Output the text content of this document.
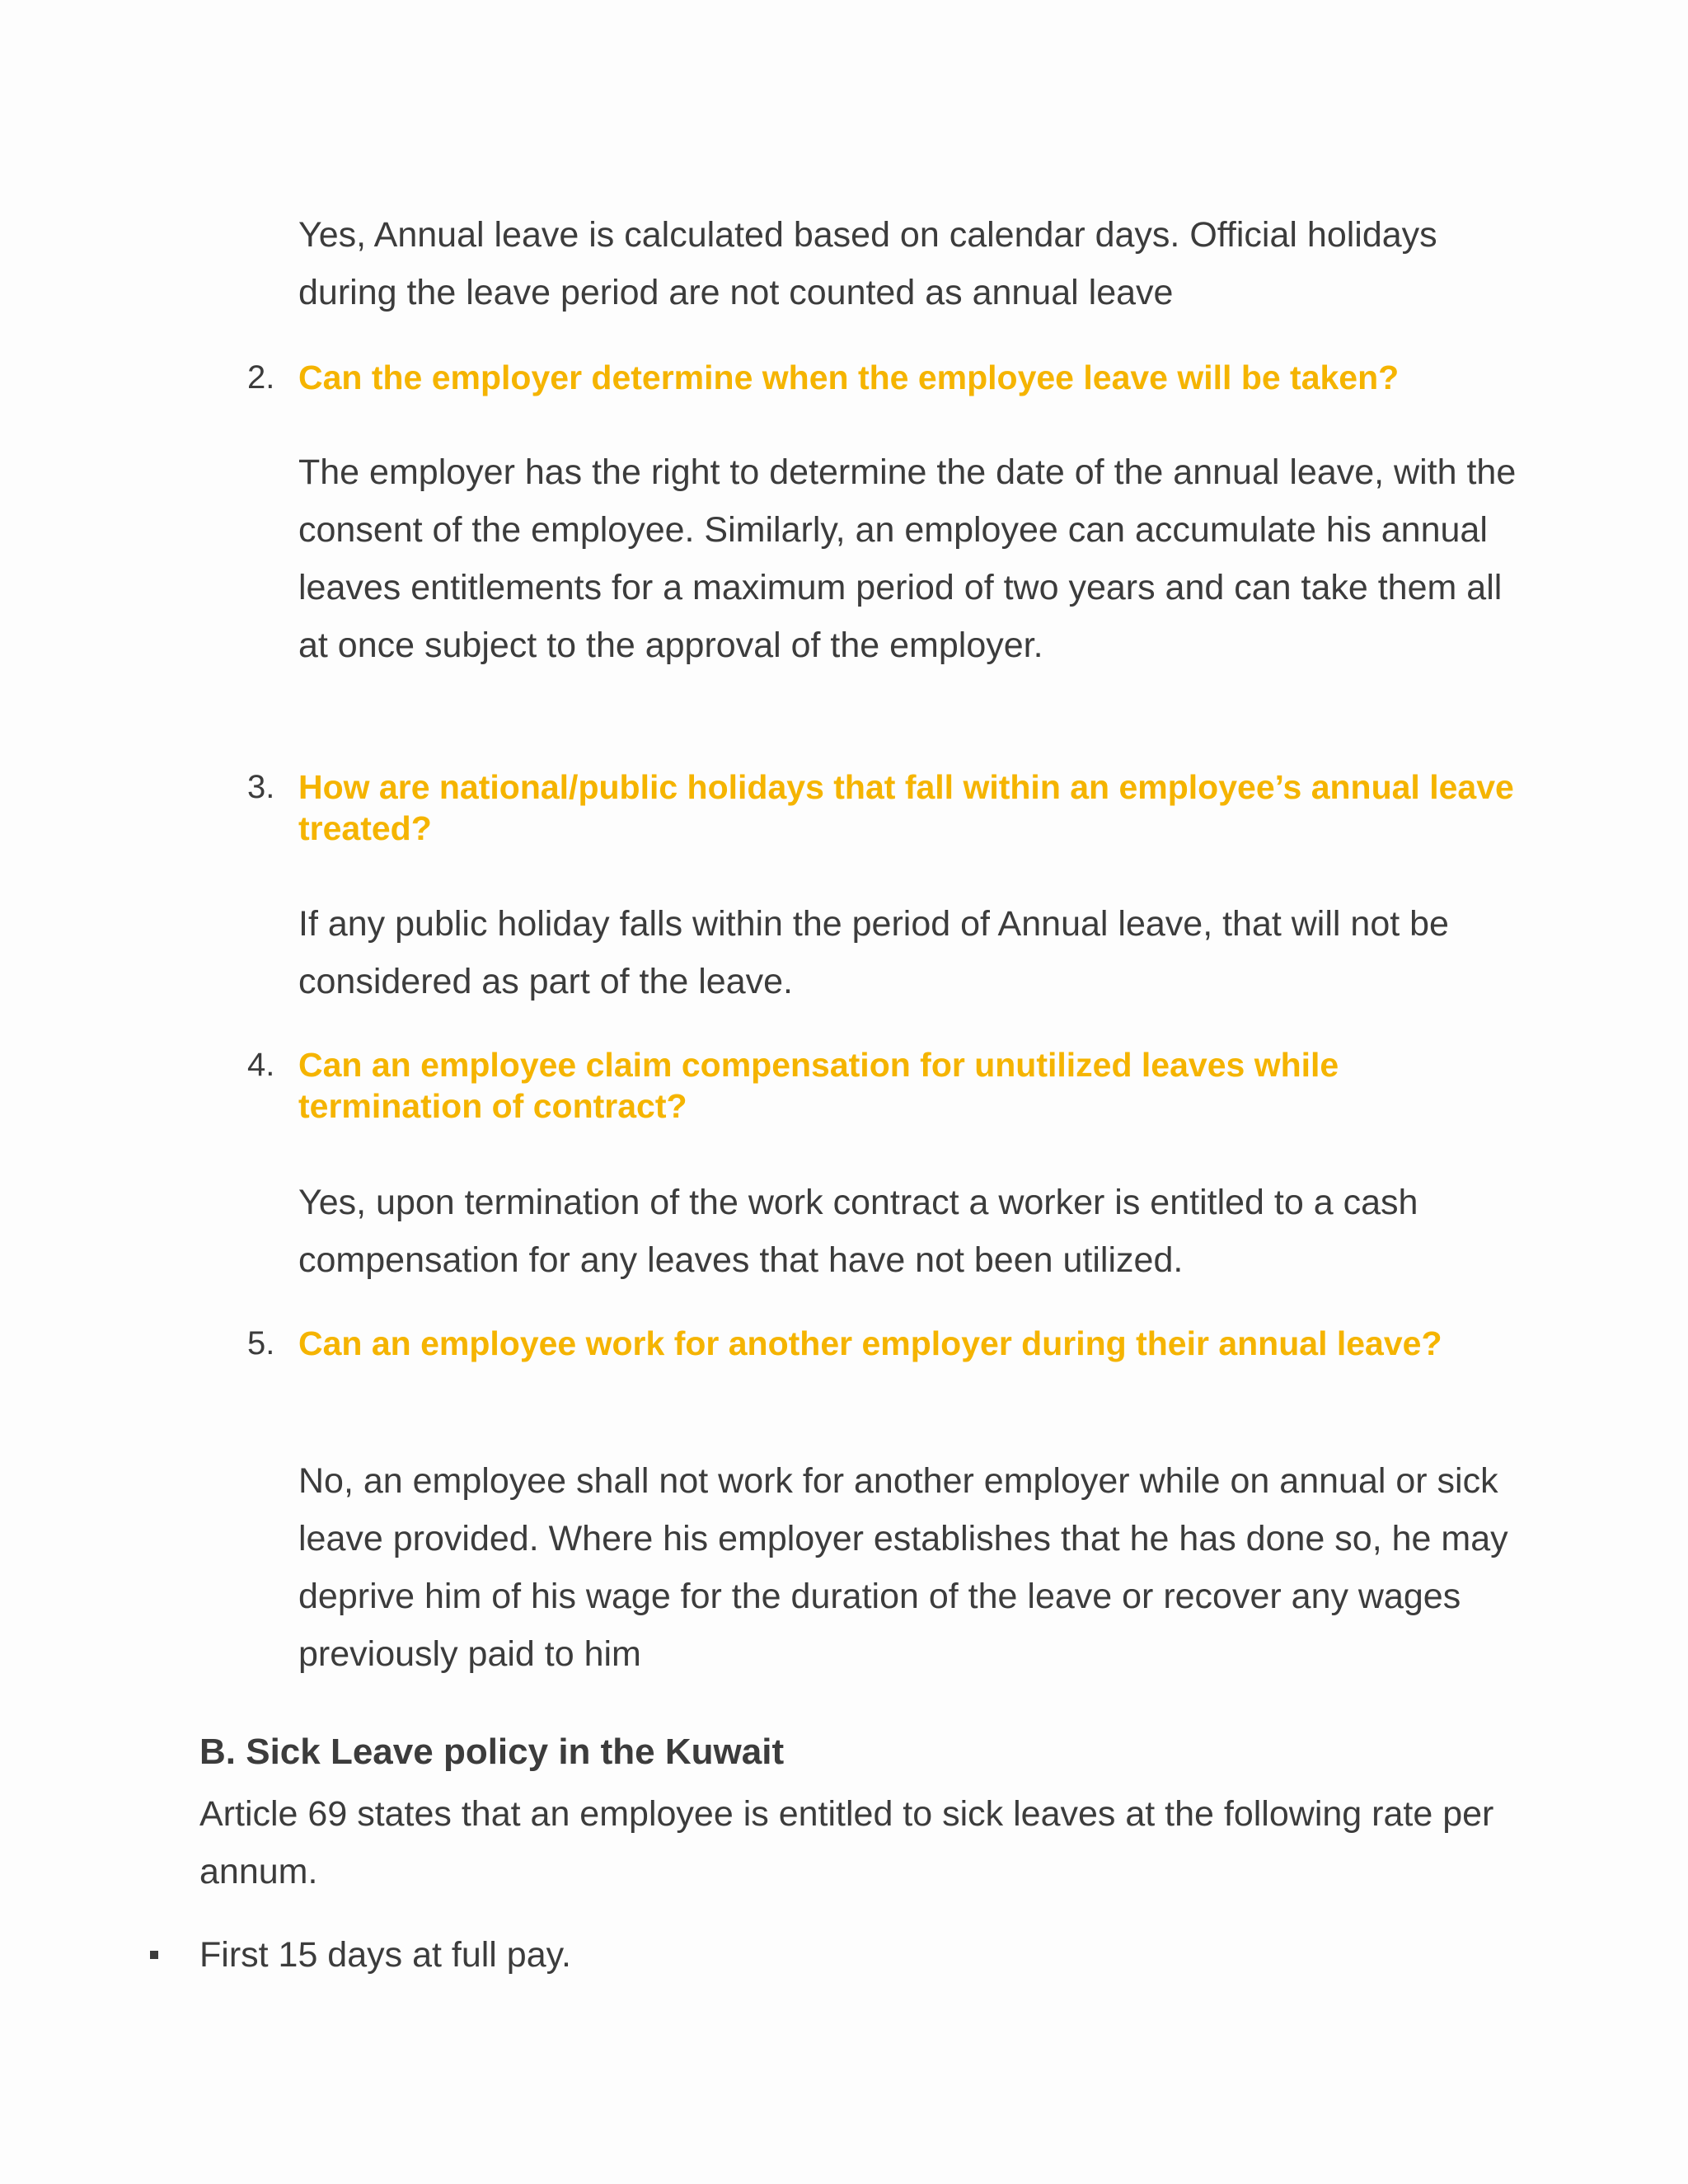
Yes, Annual leave is calculated based on calendar days. Official holidays during the leave period are not counted as annual leave

2. Can the employer determine when the employee leave will be taken?

The employer has the right to determine the date of the annual leave, with the consent of the employee. Similarly, an employee can accumulate his annual leaves entitlements for a maximum period of two years and can take them all at once subject to the approval of the employer.

3. How are national/public holidays that fall within an employee’s annual leave treated?

If any public holiday falls within the period of Annual leave, that will not be considered as part of the leave.

4. Can an employee claim compensation for unutilized leaves while termination of contract?

Yes, upon termination of the work contract a worker is entitled to a cash compensation for any leaves that have not been utilized.

5. Can an employee work for another employer during their annual leave?

No, an employee shall not work for another employer while on annual or sick leave provided. Where his employer establishes that he has done so, he may deprive him of his wage for the duration of the leave or recover any wages previously paid to him

B. Sick Leave policy in the Kuwait

Article 69 states that an employee is entitled to sick leaves at the following rate per annum.

First 15 days at full pay.
